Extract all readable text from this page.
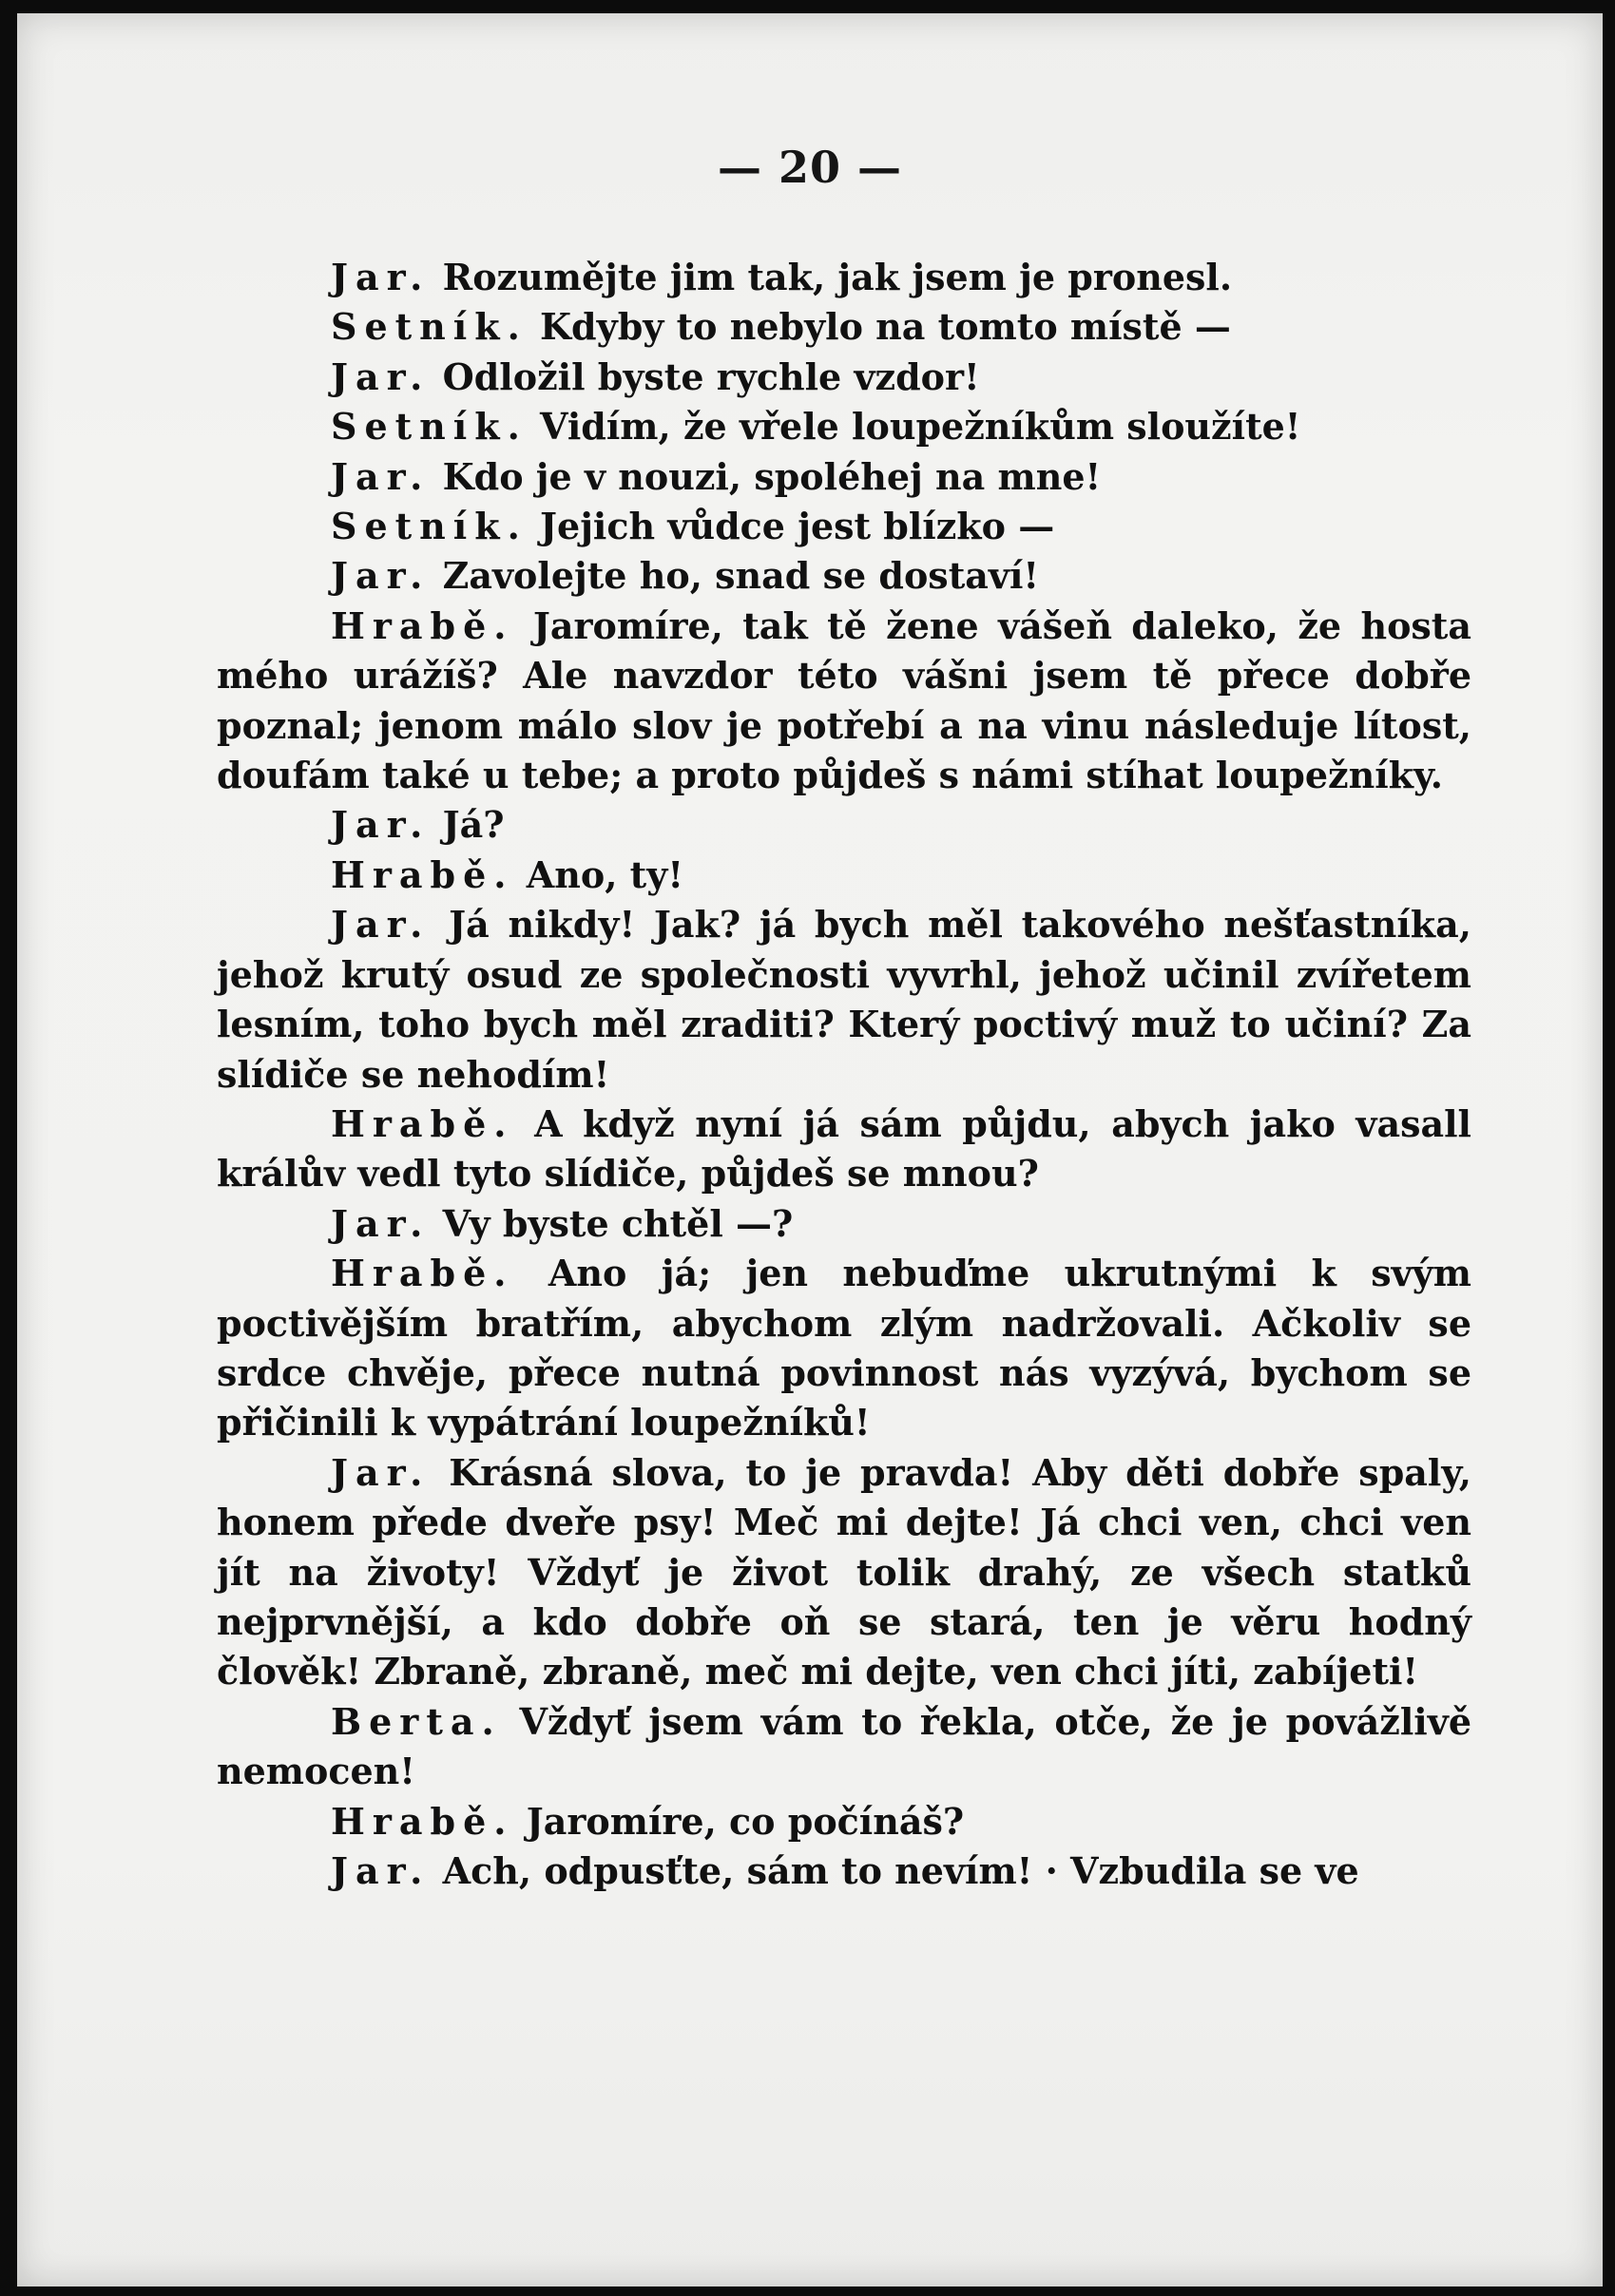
— 20 —

Jar. Rozumějte jim tak, jak jsem je pronesl.

Setník. Kdyby to nebylo na tomto místě —

Jar. Odložil byste rychle vzdor!

Setník. Vidím, že vřele loupežníkům sloužíte!

Jar. Kdo je v nouzi, spoléhej na mne!

Setník. Jejich vůdce jest blízko —

Jar. Zavolejte ho, snad se dostaví!

Hrabě. Jaromíre, tak tě žene vášeň daleko, že hosta mého urážíš? Ale navzdor této vášni jsem tě přece dobře poznal; jenom málo slov je potřebí a na vinu následuje lítost, doufám také u tebe; a proto půjdeš s námi stíhat loupežníky.

Jar. Já?

Hrabě. Ano, ty!

Jar. Já nikdy! Jak? já bych měl takového nešťastníka, jehož krutý osud ze společnosti vyvrhl, jehož učinil zvířetem lesním, toho bych měl zraditi? Který poctivý muž to učiní? Za slídiče se nehodím!

Hrabě. A když nyní já sám půjdu, abych jako vasall králův vedl tyto slídiče, půjdeš se mnou?

Jar. Vy byste chtěl —?

Hrabě. Ano já; jen nebuďme ukrutnými k svým poctivějším bratřím, abychom zlým nadržovali. Ačkoliv se srdce chvěje, přece nutná povinnost nás vyzývá, bychom se přičinili k vypátrání loupežníků!

Jar. Krásná slova, to je pravda! Aby děti dobře spaly, honem přede dveře psy! Meč mi dejte! Já chci ven, chci ven jít na životy! Vždyť je život tolik drahý, ze všech statků nejprvnější, a kdo dobře oň se stará, ten je věru hodný člověk! Zbraně, zbraně, meč mi dejte, ven chci jíti, zabíjeti!

Berta. Vždyť jsem vám to řekla, otče, že je povážlivě nemocen!

Hrabě. Jaromíre, co počínáš?

Jar. Ach, odpusťte, sám to nevím! · Vzbudila se ve
